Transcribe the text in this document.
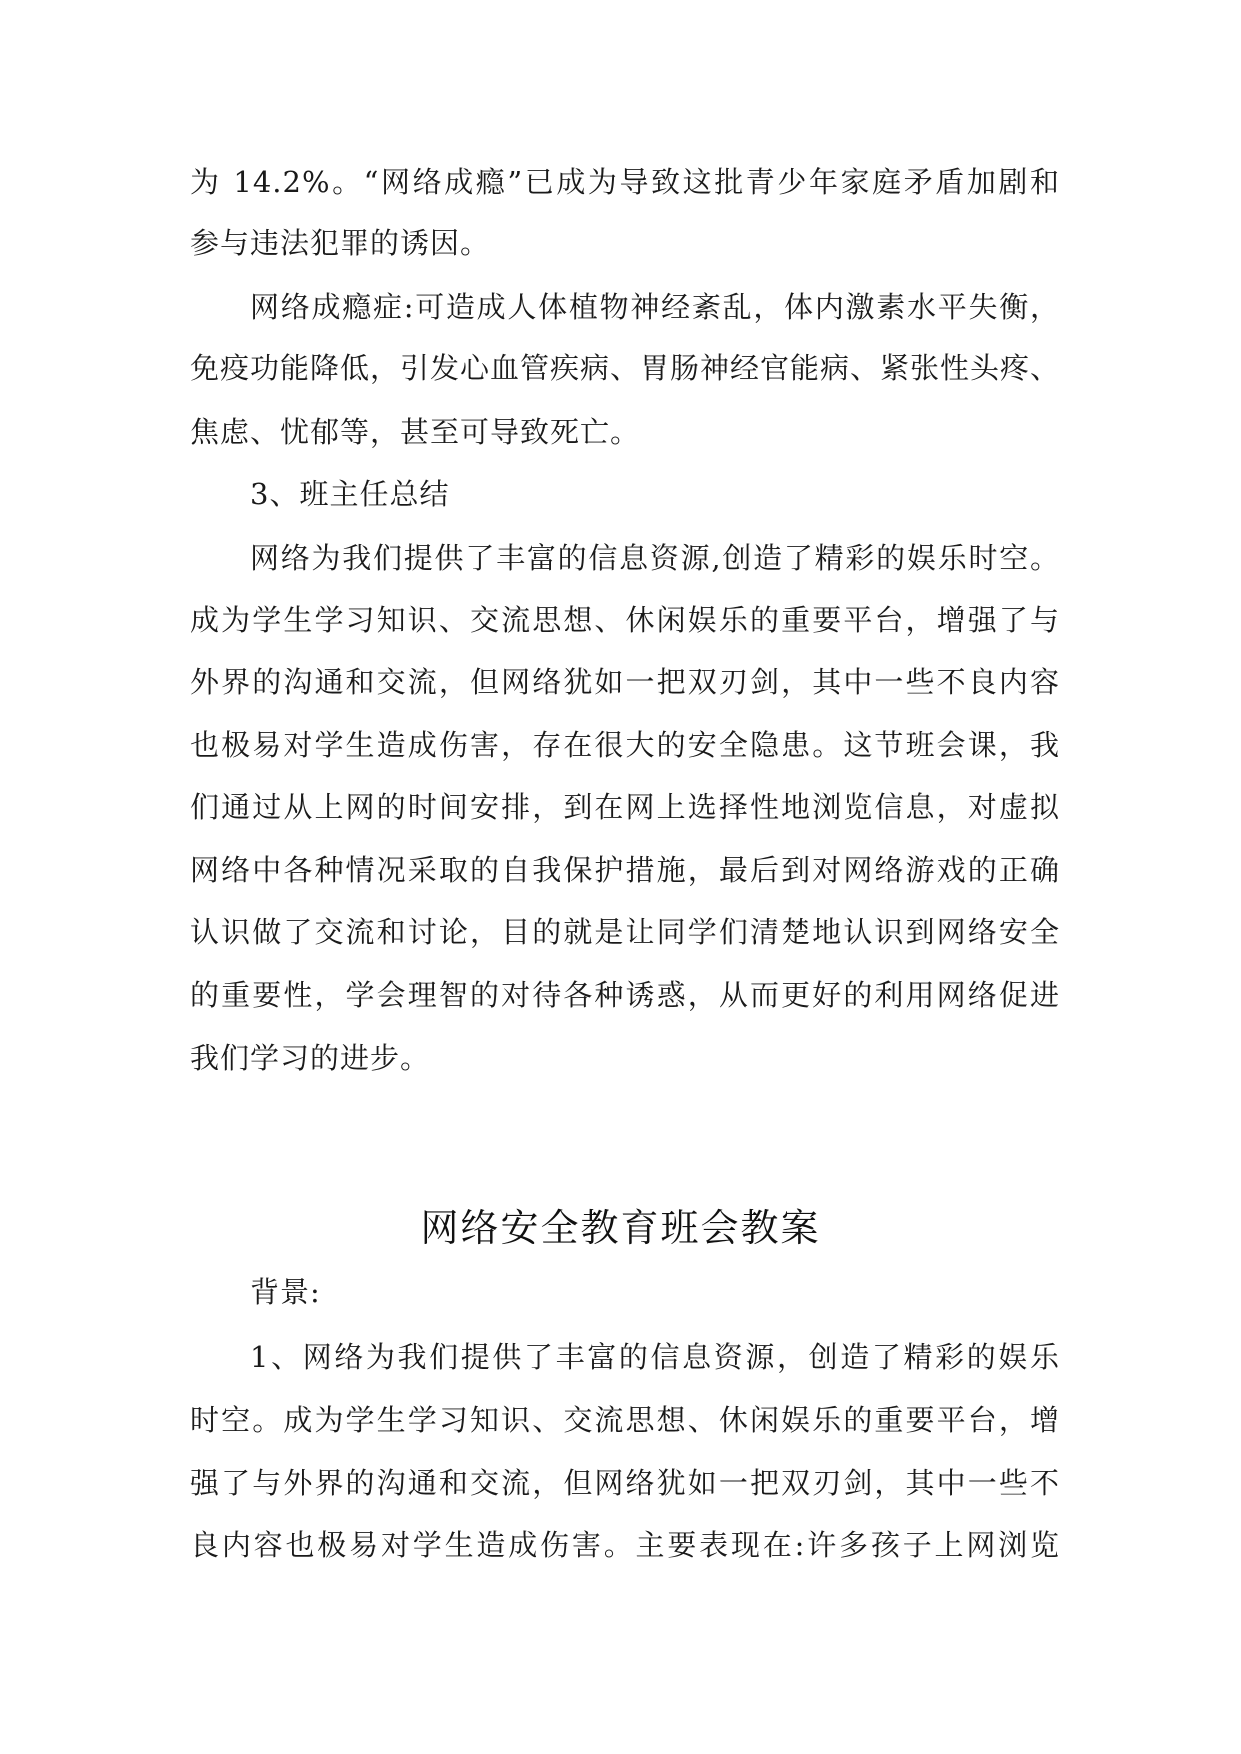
为 14.2%。“网络成瘾”已成为导致这批青少年家庭矛盾加剧和
参与违法犯罪的诱因。
网络成瘾症:可造成人体植物神经紊乱，体内激素水平失衡，
免疫功能降低，引发心血管疾病、胃肠神经官能病、紧张性头疼、
焦虑、忧郁等，甚至可导致死亡。
3、班主任总结
网络为我们提供了丰富的信息资源,创造了精彩的娱乐时空。
成为学生学习知识、交流思想、休闲娱乐的重要平台，增强了与
外界的沟通和交流，但网络犹如一把双刃剑，其中一些不良内容
也极易对学生造成伤害，存在很大的安全隐患。这节班会课，我
们通过从上网的时间安排，到在网上选择性地浏览信息，对虚拟
网络中各种情况采取的自我保护措施，最后到对网络游戏的正确
认识做了交流和讨论，目的就是让同学们清楚地认识到网络安全
的重要性，学会理智的对待各种诱惑，从而更好的利用网络促进
我们学习的进步。
网络安全教育班会教案
背景:
1、网络为我们提供了丰富的信息资源，创造了精彩的娱乐
时空。成为学生学习知识、交流思想、休闲娱乐的重要平台，增
强了与外界的沟通和交流，但网络犹如一把双刃剑，其中一些不
良内容也极易对学生造成伤害。主要表现在:许多孩子上网浏览
